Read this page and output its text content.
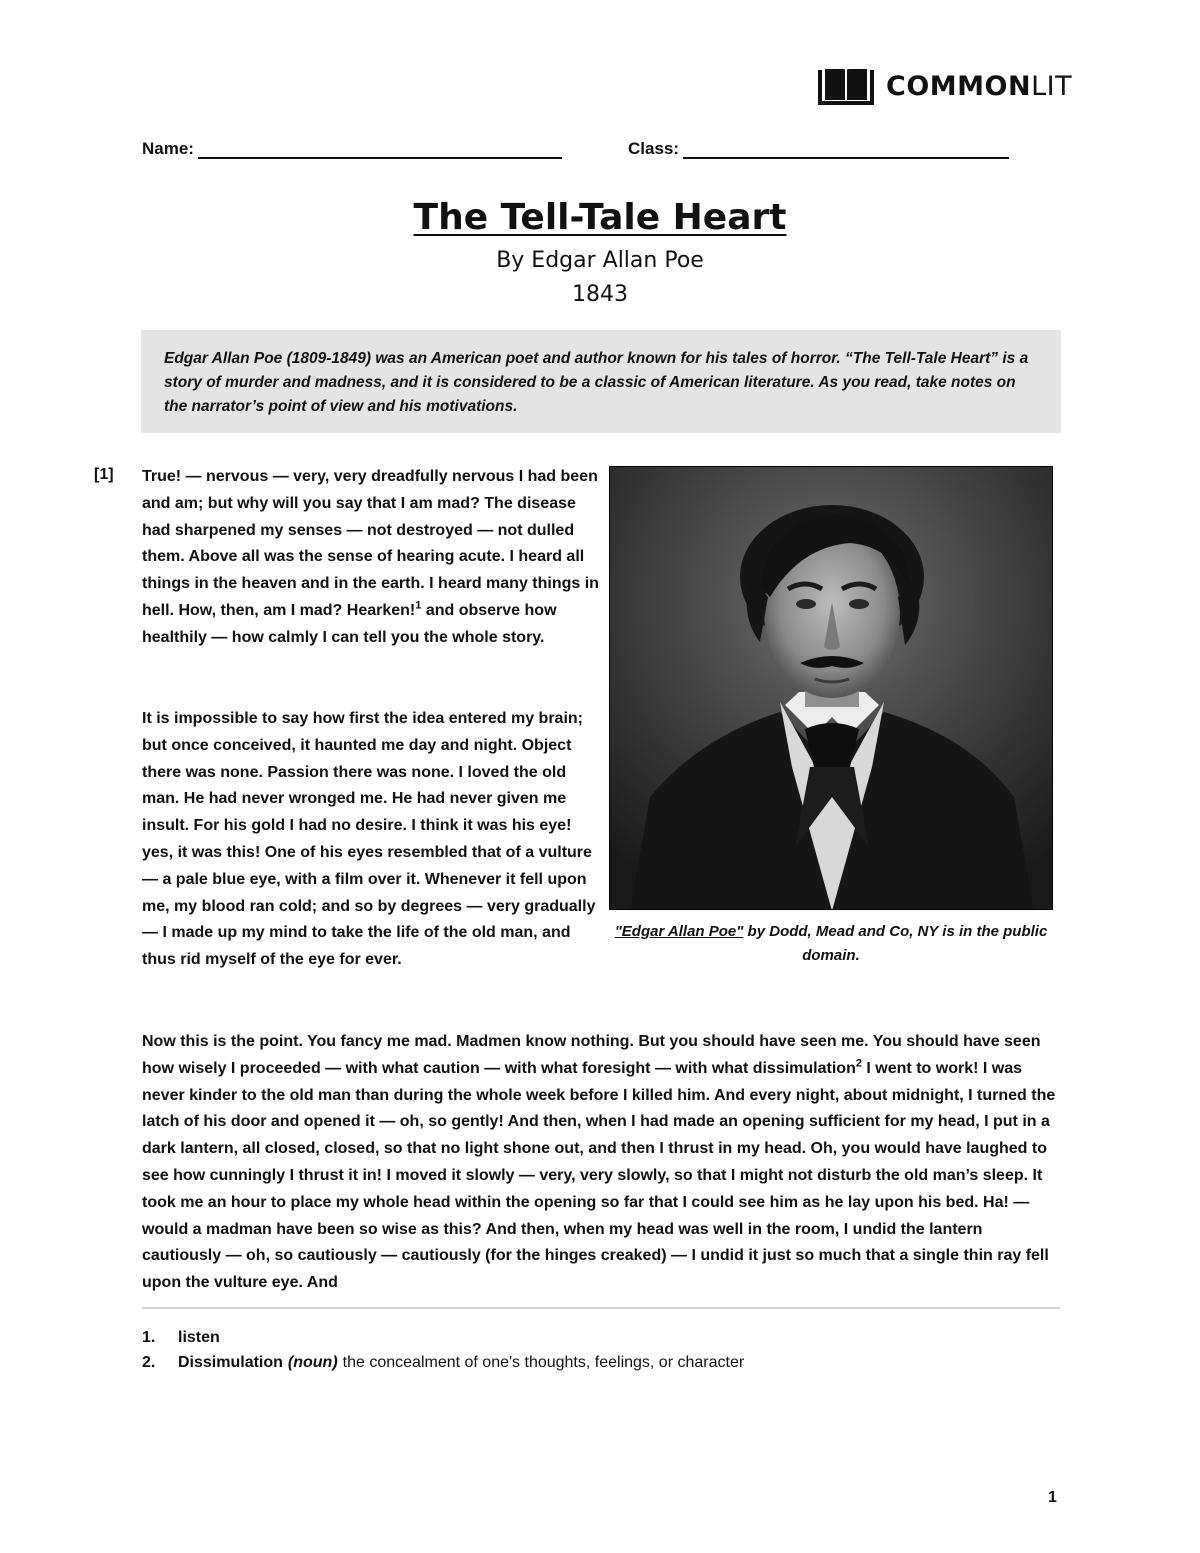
COMMONLIT
Name:	Class:
The Tell-Tale Heart
By Edgar Allan Poe
1843
Edgar Allan Poe (1809-1849) was an American poet and author known for his tales of horror. “The Tell-Tale Heart” is a story of murder and madness, and it is considered to be a classic of American literature. As you read, take notes on the narrator’s point of view and his motivations.
[1] True! — nervous — very, very dreadfully nervous I had been and am; but why will you say that I am mad? The disease had sharpened my senses — not destroyed — not dulled them. Above all was the sense of hearing acute. I heard all things in the heaven and in the earth. I heard many things in hell. How, then, am I mad? Hearken!$^1$ and observe how healthily — how calmly I can tell you the whole story.
It is impossible to say how first the idea entered my brain; but once conceived, it haunted me day and night. Object there was none. Passion there was none. I loved the old man. He had never wronged me. He had never given me insult. For his gold I had no desire. I think it was his eye! yes, it was this! One of his eyes resembled that of a vulture — a pale blue eye, with a film over it. Whenever it fell upon me, my blood ran cold; and so by degrees — very gradually — I made up my mind to take the life of the old man, and thus rid myself of the eye for ever.
"Edgar Allan Poe" by Dodd, Mead and Co, NY is in the public domain.
Now this is the point. You fancy me mad. Madmen know nothing. But you should have seen me. You should have seen how wisely I proceeded — with what caution — with what foresight — with what dissimulation$^2$ I went to work! I was never kinder to the old man than during the whole week before I killed him. And every night, about midnight, I turned the latch of his door and opened it — oh, so gently! And then, when I had made an opening sufficient for my head, I put in a dark lantern, all closed, closed, so that no light shone out, and then I thrust in my head. Oh, you would have laughed to see how cunningly I thrust it in! I moved it slowly — very, very slowly, so that I might not disturb the old man’s sleep. It took me an hour to place my whole head within the opening so far that I could see him as he lay upon his bed. Ha! — would a madman have been so wise as this? And then, when my head was well in the room, I undid the lantern cautiously — oh, so cautiously — cautiously (for the hinges creaked) — I undid it just so much that a single thin ray fell upon the vulture eye. And
1.	listen
2.	Dissimulation (noun) the concealment of one's thoughts, feelings, or character
1
